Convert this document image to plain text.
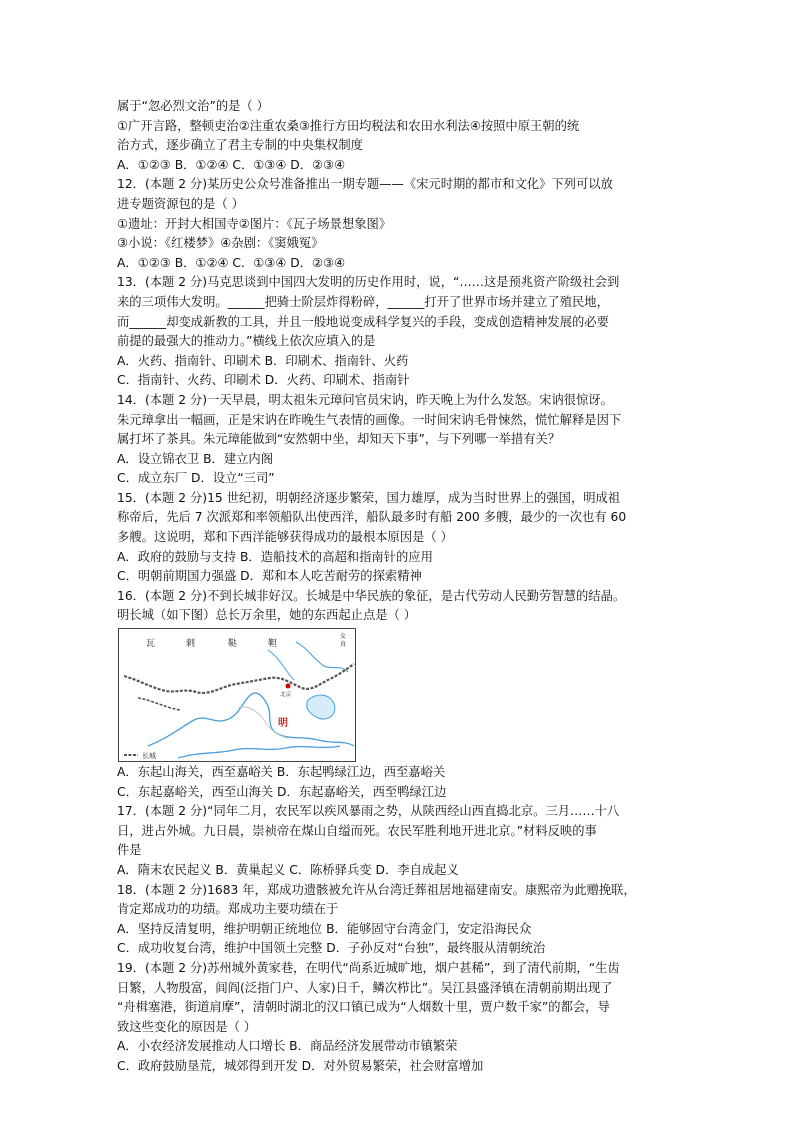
属于“忽必烈文治”的是（ ）
①广开言路，整顿吏治②注重农桑③推行方田均税法和农田水利法④按照中原王朝的统
治方式，逐步确立了君主专制的中央集权制度
A．①②③ B．①②④ C．①③④ D．②③④
12．(本题 2 分)某历史公众号准备推出一期专题——《宋元时期的都市和文化》下列可以放
进专题资源包的是（ ）
①遗址：开封大相国寺②图片：《瓦子场景想象图》
③小说：《红楼梦》④杂剧：《窦娥冤》
A．①②③ B．①②④ C．①③④ D．②③④
13．(本题 2 分)马克思谈到中国四大发明的历史作用时，说，“……这是预兆资产阶级社会到
来的三项伟大发明。______把骑士阶层炸得粉碎，______打开了世界市场并建立了殖民地，
而______却变成新教的工具，并且一般地说变成科学复兴的手段，变成创造精神发展的必要
前提的最强大的推动力。”横线上依次应填入的是
A．火药、指南针、印刷术 B．印刷术、指南针、火药
C．指南针、火药、印刷术 D．火药、印刷术、指南针
14．(本题 2 分)一天早晨，明太祖朱元璋问官员宋讷，昨天晚上为什么发怒。宋讷很惊讶。
朱元璋拿出一幅画，正是宋讷在昨晚生气表情的画像。一时间宋讷毛骨悚然，慌忙解释是因下
属打坏了茶具。朱元璋能做到“安然朝中坐，却知天下事”，与下列哪一举措有关？
A．设立锦衣卫 B．建立内阁
C．成立东厂 D．设立“三司”
15．(本题 2 分)15 世纪初，明朝经济逐步繁荣，国力雄厚，成为当时世界上的强国，明成祖
称帝后，先后 7 次派郑和率领船队出使西洋，船队最多时有船 200 多艘，最少的一次也有 60
多艘。这说明，郑和下西洋能够获得成功的最根本原因是（ ）
A．政府的鼓励与支持 B．造船技术的高超和指南针的应用
C．明朝前期国力强盛 D．郑和本人吃苦耐劳的探索精神
16．(本题 2 分)不到长城非好汉。长城是中华民族的象征，是古代劳动人民勤劳智慧的结晶。
明长城（如下图）总长万余里，她的东西起止点是（ ）
瓦	剌	鞑	靼
女
真
明
北京
长城
A．东起山海关，西至嘉峪关 B．东起鸭绿江边，西至嘉峪关
C．东起嘉峪关，西至山海关 D．东起嘉峪关，西至鸭绿江边
17．(本题 2 分)“同年二月，农民军以疾风暴雨之势，从陕西经山西直捣北京。三月……十八
日，进占外城。九日晨，崇祯帝在煤山自缢而死。农民军胜利地开进北京。”材料反映的事
件是
A．隋末农民起义 B．黄巢起义 C．陈桥驿兵变 D．李自成起义
18．(本题 2 分)1683 年，郑成功遗骸被允许从台湾迁葬祖居地福建南安。康熙帝为此赠挽联，
肯定郑成功的功绩。郑成功主要功绩在于
A．坚持反清复明，维护明朝正统地位 B．能够固守台湾金门，安定沿海民众
C．成功收复台湾，维护中国领土完整 D．子孙反对“台独”，最终服从清朝统治
19．(本题 2 分)苏州城外黄家巷，在明代“尚系近城旷地，烟户甚稀”，到了清代前期，“生齿
日繁，人物殷富，闾阎(泛指门户、人家)日千，鳞次栉比”。吴江县盛泽镇在清朝前期出现了
“舟楫塞港，街道肩摩”，清朝时湖北的汉口镇已成为“人烟数十里，贾户数千家”的都会，导
致这些变化的原因是（ ）
A．小农经济发展推动人口增长 B．商品经济发展带动市镇繁荣
C．政府鼓励垦荒，城郊得到开发 D．对外贸易繁荣，社会财富增加
